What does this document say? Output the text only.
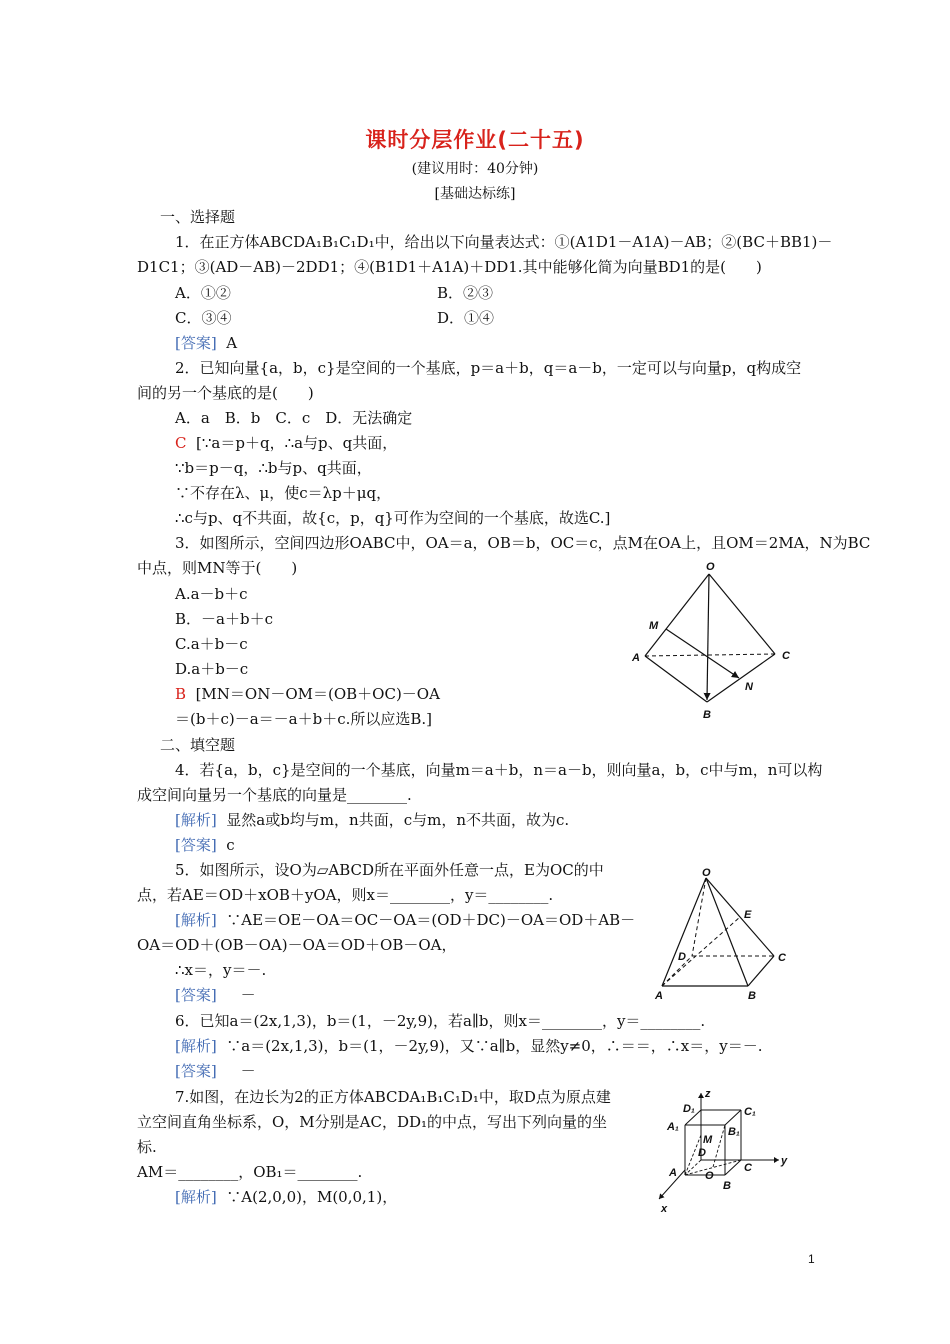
课时分层作业(二十五)
(建议用时：40分钟)
[基础达标练]
一、选择题
1．在正方体ABCDA₁B₁C₁D₁中，给出以下向量表达式：①(A1D1－A1A)－AB；②(BC＋BB1)－
D1C1；③(AD－AB)－2DD1；④(B1D1＋A1A)＋DD1.其中能够化简为向量BD1的是(　　)
A．①②	B．②③
C．③④	D．①④
[答案] A
2．已知向量{a，b，c}是空间的一个基底，p＝a＋b，q＝a－b，一定可以与向量p，q构成空
间的另一个基底的是(　　)
A．a　B．b　C．c　D．无法确定
C [∵a＝p＋q，∴a与p、q共面，
∵b＝p－q，∴b与p、q共面，
∵不存在λ、μ，使c＝λp＋μq，
∴c与p、q不共面，故{c，p，q}可作为空间的一个基底，故选C.]
3．如图所示，空间四边形OABC中，OA＝a，OB＝b，OC＝c，点M在OA上，且OM＝2MA，N为BC
中点，则MN等于(　　)
A.a－b＋c
B．－a＋b＋c
C.a＋b－c
D.a＋b－c
B [MN＝ON－OM＝(OB＋OC)－OA
＝(b＋c)－a＝－a＋b＋c.所以应选B.]
O
M
A	C
N
B
二、填空题
4．若{a，b，c}是空间的一个基底，向量m＝a＋b，n＝a－b，则向量a，b，c中与m，n可以构
成空间向量另一个基底的向量是________.
[解析] 显然a或b均与m，n共面，c与m，n不共面，故为c.
[答案] c
5．如图所示，设O为▱ABCD所在平面外任意一点，E为OC的中
点，若AE＝OD＋xOB＋yOA，则x＝________，y＝________.
[解析] ∵AE＝OE－OA＝OC－OA＝(OD＋DC)－OA＝OD＋AB－
OA＝OD＋(OB－OA)－OA＝OD＋OB－OA，
∴x＝，y＝－.
[答案] －
O
E
D	C
A	B
6．已知a＝(2x,1,3)，b＝(1，－2y,9)，若a∥b，则x＝________，y＝________.
[解析] ∵a＝(2x,1,3)，b＝(1，－2y,9)，又∵a∥b，显然y≠0，∴＝＝，∴x＝，y＝－.
[答案] －
7.如图，在边长为2的正方体ABCDA₁B₁C₁D₁中，取D点为原点建
立空间直角坐标系，O，M分别是AC，DD₁的中点，写出下列向量的坐
标.
AM＝________，OB₁＝________.
[解析] ∵A(2,0,0)，M(0,0,1)，
z
D₁	C₁
A₁
M
B₁
D
A	O
C
y
B
x
1
